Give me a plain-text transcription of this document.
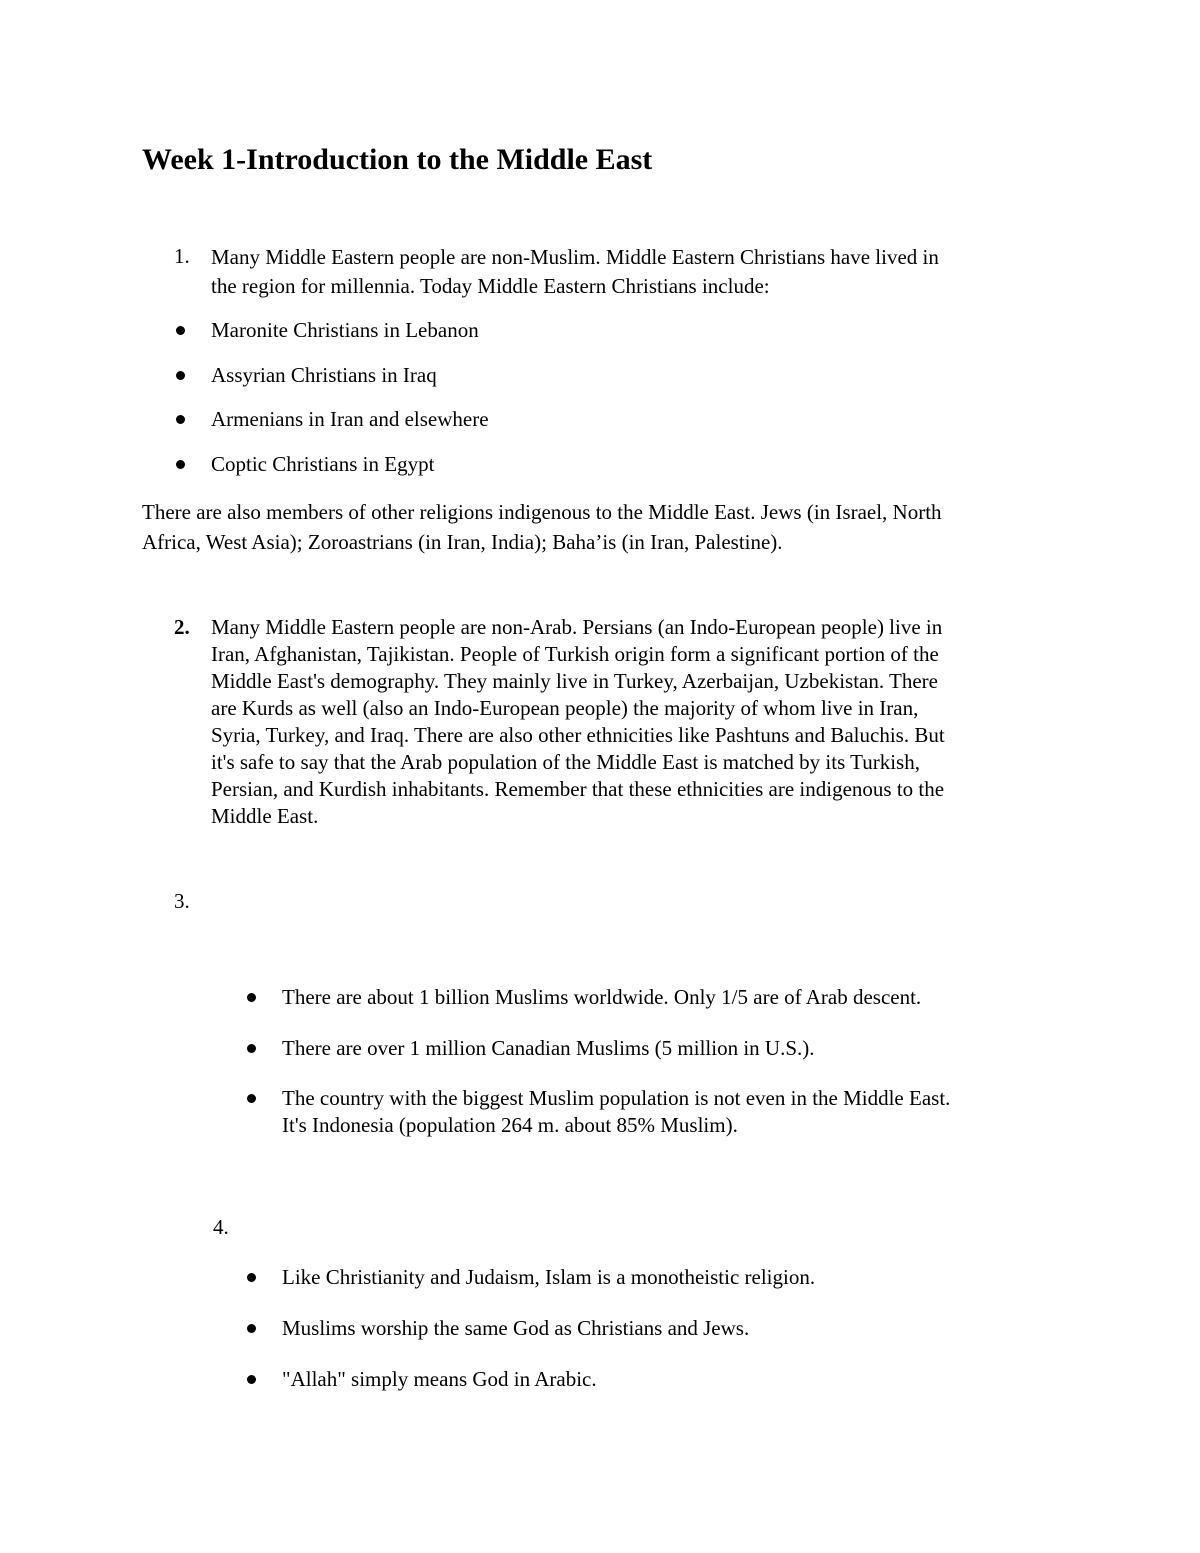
Week 1-Introduction to the Middle East
1. Many Middle Eastern people are non-Muslim. Middle Eastern Christians have lived in
the region for millennia. Today Middle Eastern Christians include:
Maronite Christians in Lebanon
Assyrian Christians in Iraq
Armenians in Iran and elsewhere
Coptic Christians in Egypt
There are also members of other religions indigenous to the Middle East. Jews (in Israel, North
Africa, West Asia); Zoroastrians (in Iran, India); Baha’is (in Iran, Palestine).
2. Many Middle Eastern people are non-Arab. Persians (an Indo-European people) live in
Iran, Afghanistan, Tajikistan. People of Turkish origin form a significant portion of the
Middle East's demography. They mainly live in Turkey, Azerbaijan, Uzbekistan. There
are Kurds as well (also an Indo-European people) the majority of whom live in Iran,
Syria, Turkey, and Iraq. There are also other ethnicities like Pashtuns and Baluchis. But
it's safe to say that the Arab population of the Middle East is matched by its Turkish,
Persian, and Kurdish inhabitants. Remember that these ethnicities are indigenous to the
Middle East.
3.
There are about 1 billion Muslims worldwide. Only 1/5 are of Arab descent.
There are over 1 million Canadian Muslims (5 million in U.S.).
The country with the biggest Muslim population is not even in the Middle East.
It's Indonesia (population 264 m. about 85% Muslim).
4.
Like Christianity and Judaism, Islam is a monotheistic religion.
Muslims worship the same God as Christians and Jews.
"Allah" simply means God in Arabic.
